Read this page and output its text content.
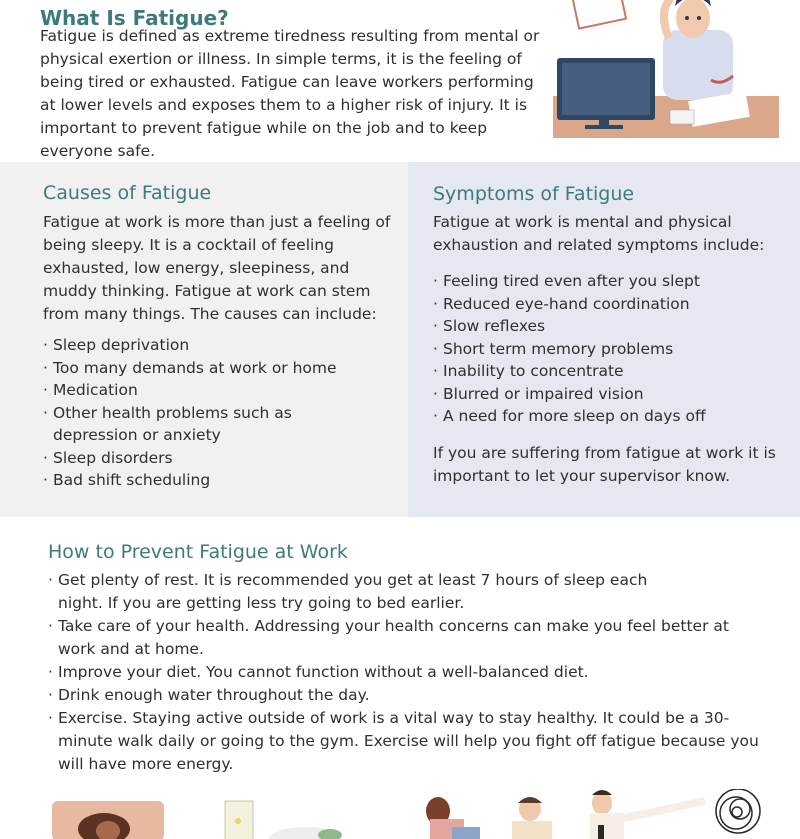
What Is Fatigue?

Fatigue is defined as extreme tiredness resulting from mental or physical exertion or illness. In simple terms, it is the feeling of being tired or exhausted. Fatigue can leave workers performing at lower levels and exposes them to a higher risk of injury. It is important to prevent fatigue while on the job and to keep everyone safe.

Causes of Fatigue

Fatigue at work is more than just a feeling of being sleepy. It is a cocktail of feeling exhausted, low energy, sleepiness, and muddy thinking. Fatigue at work can stem from many things. The causes can include:

· Sleep deprivation
· Too many demands at work or home
· Medication
· Other health problems such as depression or anxiety
· Sleep disorders
· Bad shift scheduling
Symptoms of Fatigue

Fatigue at work is mental and physical exhaustion and related symptoms include:

· Feeling tired even after you slept
· Reduced eye-hand coordination
· Slow reflexes
· Short term memory problems
· Inability to concentrate
· Blurred or impaired vision
· A need for more sleep on days off

If you are suffering from fatigue at work it is important to let your supervisor know.

How to Prevent Fatigue at Work
· Get plenty of rest. It is recommended you get at least 7 hours of sleep each night. If you are getting less try going to bed earlier.
· Take care of your health. Addressing your health concerns can make you feel better at work and at home.
· Improve your diet. You cannot function without a well-balanced diet.
· Drink enough water throughout the day.
· Exercise. Staying active outside of work is a vital way to stay healthy. It could be a 30-minute walk daily or going to the gym. Exercise will help you fight off fatigue because you will have more energy.
